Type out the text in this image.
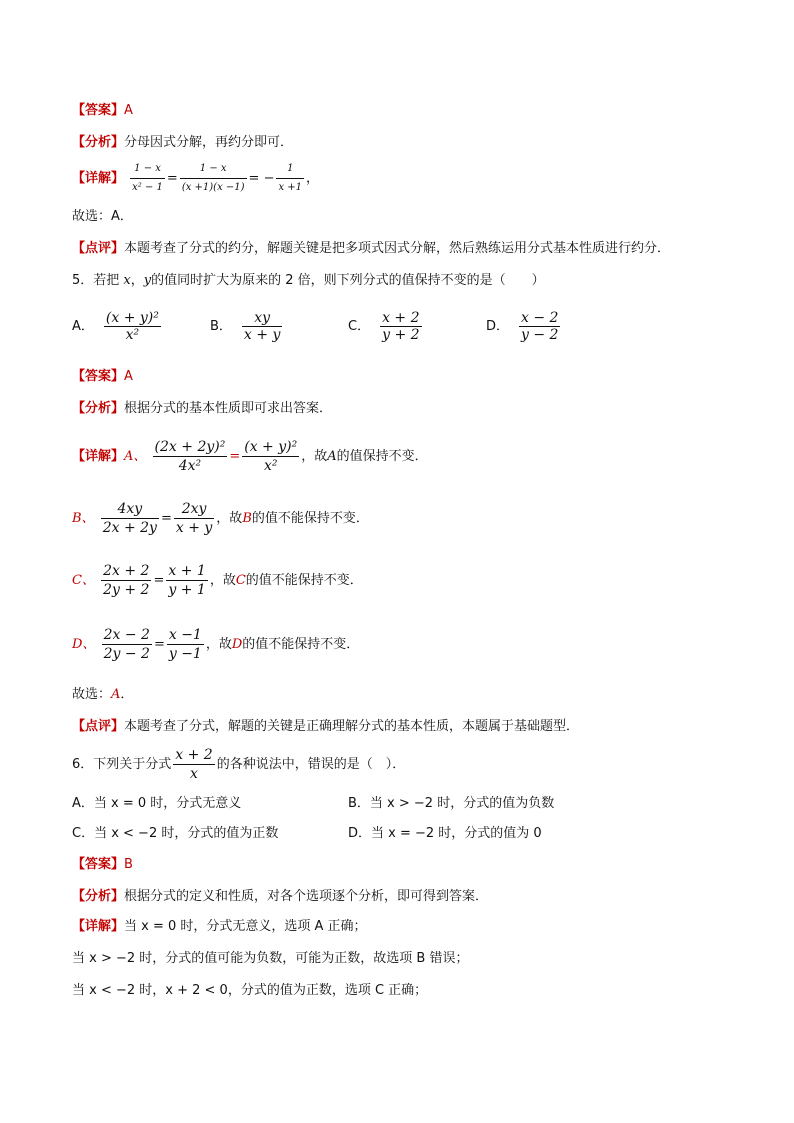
【答案】A
【分析】分母因式分解，再约分即可．
【详解】 $\frac{1 - x}{\text{x² − 1}} = \frac{1 - x}{(x +1)(x -1)}$ = − $\frac{1}{x +1}$ ，
故选：A．
【点评】本题考查了分式的约分，解题关键是把多项式因式分解，然后熟练运用分式基本性质进行约分．
5．若把 x，y的值同时扩大为原来的 2 倍，则下列分式的值保持不变的是（　　）
A． $\frac{\text{(x + y)²}}{\text{x²}}$	B． $\frac{xy}{x + y}$	C． $\frac{x + 2}{y + 2}$	D． $\frac{x - 2}{y - 2}$
【答案】A
【分析】根据分式的基本性质即可求出答案．
【详解】A、 $\frac{\text{(2x + 2y)²}}{\text{4x²}} = \frac{\text{(x + y)²}}{\text{x²}}$ ，故A的值保持不变．
B、 $\frac{4xy}{2x + 2y} = \frac{2xy}{x + y}$ ，故B的值不能保持不变．
C、 $\frac{2x + 2}{2y + 2} = \frac{x + 1}{y + 1}$ ，故C的值不能保持不变．
D、 $\frac{2x - 2}{2y - 2} = \frac{x -1}{y -1}$ ，故D的值不能保持不变．
故选：A．
【点评】本题考查了分式，解题的关键是正确理解分式的基本性质，本题属于基础题型．
6．下列关于分式 $\frac{x + 2}{x}$ 的各种说法中，错误的是（　）．
A．当 x = 0 时，分式无意义	B．当 x > −2 时，分式的值为负数
C．当 x < −2 时，分式的值为正数	D．当 x = −2 时，分式的值为 0
【答案】B
【分析】根据分式的定义和性质，对各个选项逐个分析，即可得到答案．
【详解】当 x = 0 时，分式无意义，选项 A 正确；
当 x > −2 时，分式的值可能为负数，可能为正数，故选项 B 错误；
当 x < −2 时，x + 2 < 0，分式的值为正数，选项 C 正确；
